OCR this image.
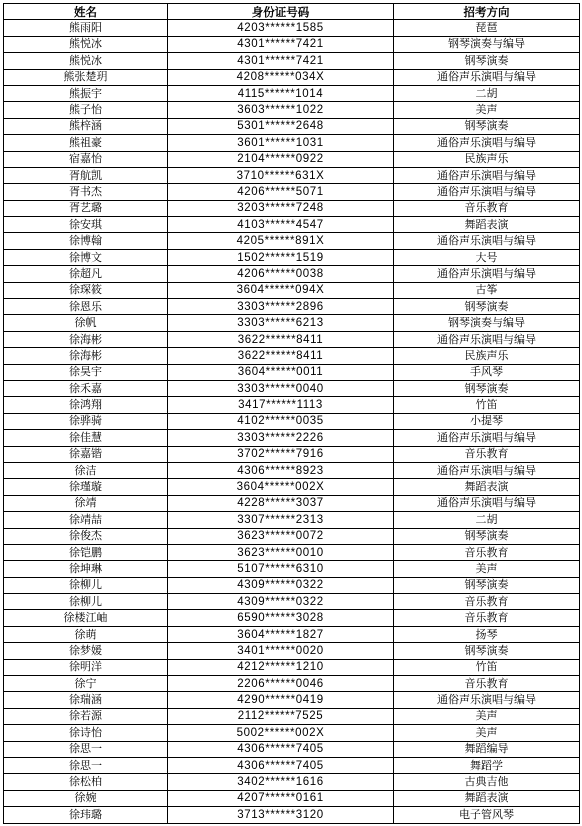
姓名	身份证号码	招考方向
熊雨阳	4203******1585	琵琶
熊悦冰	4301******7421	钢琴演奏与编导
熊悦冰	4301******7421	钢琴演奏
熊张楚玥	4208******034X	通俗声乐演唱与编导
熊振宇	4115******1014	二胡
熊子怡	3603******1022	美声
熊梓涵	5301******2648	钢琴演奏
熊祖豪	3601******1031	通俗声乐演唱与编导
宿嘉怡	2104******0922	民族声乐
胥航凯	3710******631X	通俗声乐演唱与编导
胥书杰	4206******5071	通俗声乐演唱与编导
胥艺璐	3203******7248	音乐教育
徐安琪	4103******4547	舞蹈表演
徐博翰	4205******891X	通俗声乐演唱与编导
徐博文	1502******1519	大号
徐超凡	4206******0038	通俗声乐演唱与编导
徐琛筱	3604******094X	古筝
徐恩乐	3303******2896	钢琴演奏
徐帆	3303******6213	钢琴演奏与编导
徐海彬	3622******8411	通俗声乐演唱与编导
徐海彬	3622******8411	民族声乐
徐昊宇	3604******0011	手风琴
徐禾嘉	3303******0040	钢琴演奏
徐鸿翔	3417******1113	竹笛
徐骅骑	4102******0035	小提琴
徐佳慧	3303******2226	通俗声乐演唱与编导
徐嘉锴	3702******7916	音乐教育
徐洁	4306******8923	通俗声乐演唱与编导
徐瑾璇	3604******002X	舞蹈表演
徐靖	4228******3037	通俗声乐演唱与编导
徐靖喆	3307******2313	二胡
徐俊杰	3623******0072	钢琴演奏
徐铠鹏	3623******0010	音乐教育
徐坤琳	5107******6310	美声
徐柳儿	4309******0322	钢琴演奏
徐柳儿	4309******0322	音乐教育
徐楼江岫	6590******3028	音乐教育
徐萌	3604******1827	扬琴
徐梦媛	3401******0020	钢琴演奏
徐明洋	4212******1210	竹笛
徐宁	2206******0046	音乐教育
徐瑞涵	4290******0419	通俗声乐演唱与编导
徐若源	2112******7525	美声
徐诗怡	5002******002X	美声
徐思一	4306******7405	舞蹈编导
徐思一	4306******7405	舞蹈学
徐松柏	3402******1616	古典吉他
徐婉	4207******0161	舞蹈表演
徐玮璐	3713******3120	电子管风琴
